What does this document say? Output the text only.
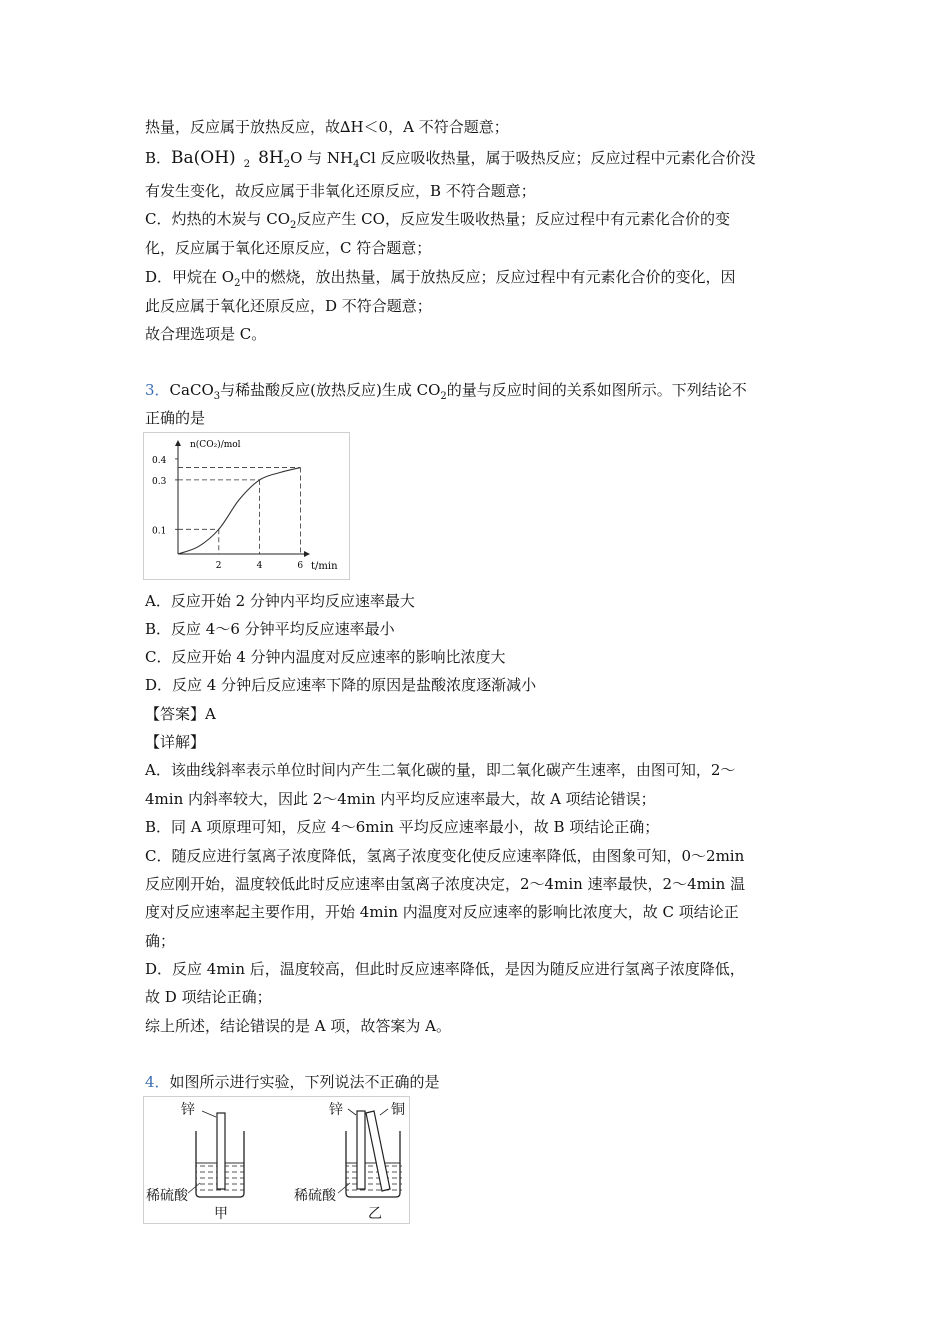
热量，反应属于放热反应，故∆H＜0，A 不符合题意；
B．Ba(OH) $_2$ $8H_2O$ 与 $NH_4Cl$ 反应吸收热量，属于吸热反应；反应过程中元素化合价没
有发生变化，故反应属于非氧化还原反应，B 不符合题意；
C．灼热的木炭与 $CO_2$反应产生 CO，反应发生吸收热量；反应过程中有元素化合价的变
化，反应属于氧化还原反应，C 符合题意；
D．甲烷在 $O_2$中的燃烧，放出热量，属于放热反应；反应过程中有元素化合价的变化，因
此反应属于氧化还原反应，D 不符合题意；
故合理选项是 C。
3．CaCO$_3$与稀盐酸反应(放热反应)生成 $CO_2$的量与反应时间的关系如图所示。下列结论不
正确的是
n(CO₂)/mol
t/min
0.4
0.3
0.1
2	4	6
A．反应开始 2 分钟内平均反应速率最大
B．反应 4～6 分钟平均反应速率最小
C．反应开始 4 分钟内温度对反应速率的影响比浓度大
D．反应 4 分钟后反应速率下降的原因是盐酸浓度逐渐减小
【答案】A
【详解】
A．该曲线斜率表示单位时间内产生二氧化碳的量，即二氧化碳产生速率，由图可知，2～
4min 内斜率较大，因此 2～4min 内平均反应速率最大，故 A 项结论错误；
B．同 A 项原理可知，反应 4～6min 平均反应速率最小，故 B 项结论正确；
C．随反应进行氢离子浓度降低，氢离子浓度变化使反应速率降低，由图象可知，0～2min
反应刚开始，温度较低此时反应速率由氢离子浓度决定，2～4min 速率最快，2～4min 温
度对反应速率起主要作用，开始 4min 内温度对反应速率的影响比浓度大，故 C 项结论正
确；
D．反应 4min 后，温度较高，但此时反应速率降低，是因为随反应进行氢离子浓度降低，
故 D 项结论正确；
综上所述，结论错误的是 A 项，故答案为 A。
4．如图所示进行实验，下列说法不正确的是
锌
稀硫酸
甲
锌	铜
稀硫酸
乙
